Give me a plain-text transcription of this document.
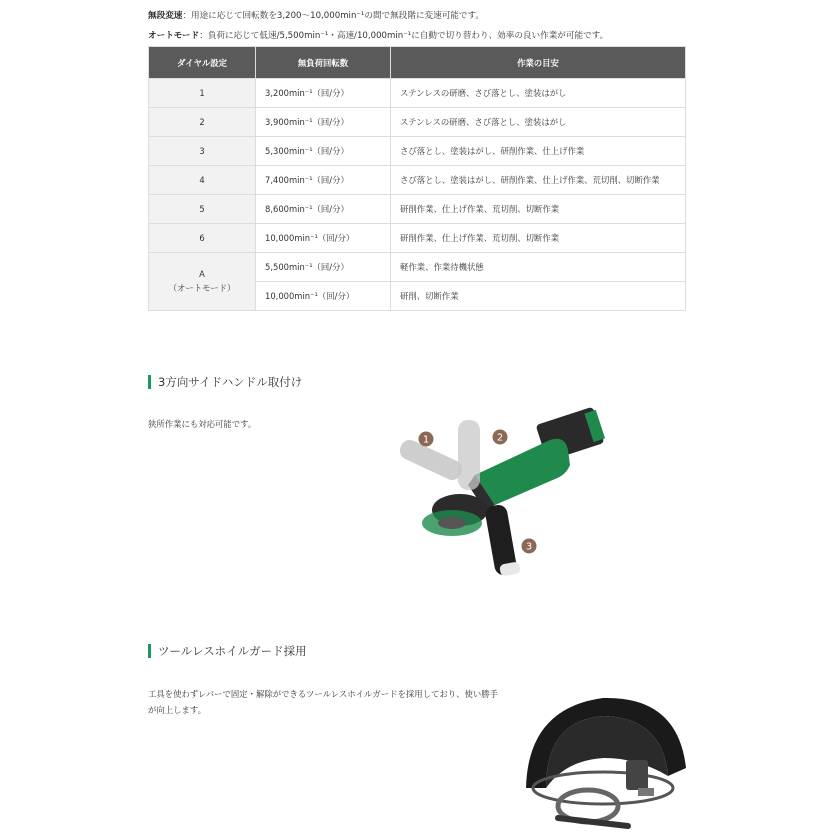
無段変速：用途に応じて回転数を3,200〜10,000min⁻¹の間で無段階に変速可能です。
オートモード：負荷に応じて低速/5,500min⁻¹・高速/10,000min⁻¹に自動で切り替わり、効率の良い作業が可能です。
ダイヤル設定	無負荷回転数	作業の目安
1	3,200min⁻¹（回/分）	ステンレスの研磨、さび落とし、塗装はがし
2	3,900min⁻¹（回/分）	ステンレスの研磨、さび落とし、塗装はがし
3	5,300min⁻¹（回/分）	さび落とし、塗装はがし、研削作業、仕上げ作業
4	7,400min⁻¹（回/分）	さび落とし、塗装はがし、研削作業、仕上げ作業、荒切削、切断作業
5	8,600min⁻¹（回/分）	研削作業、仕上げ作業、荒切削、切断作業
6	10,000min⁻¹（回/分）	研削作業、仕上げ作業、荒切削、切断作業

A
（オートモード）	5,500min⁻¹（回/分）	軽作業、作業待機状態
	10,000min⁻¹（回/分）	研削、切断作業
3方向サイドハンドル取付け
狭所作業にも対応可能です。
1	2
3
ツールレスホイルガード採用
工具を使わずレバーで固定・解除ができるツールレスホイルガードを採用しており、使い勝手
が向上します。
